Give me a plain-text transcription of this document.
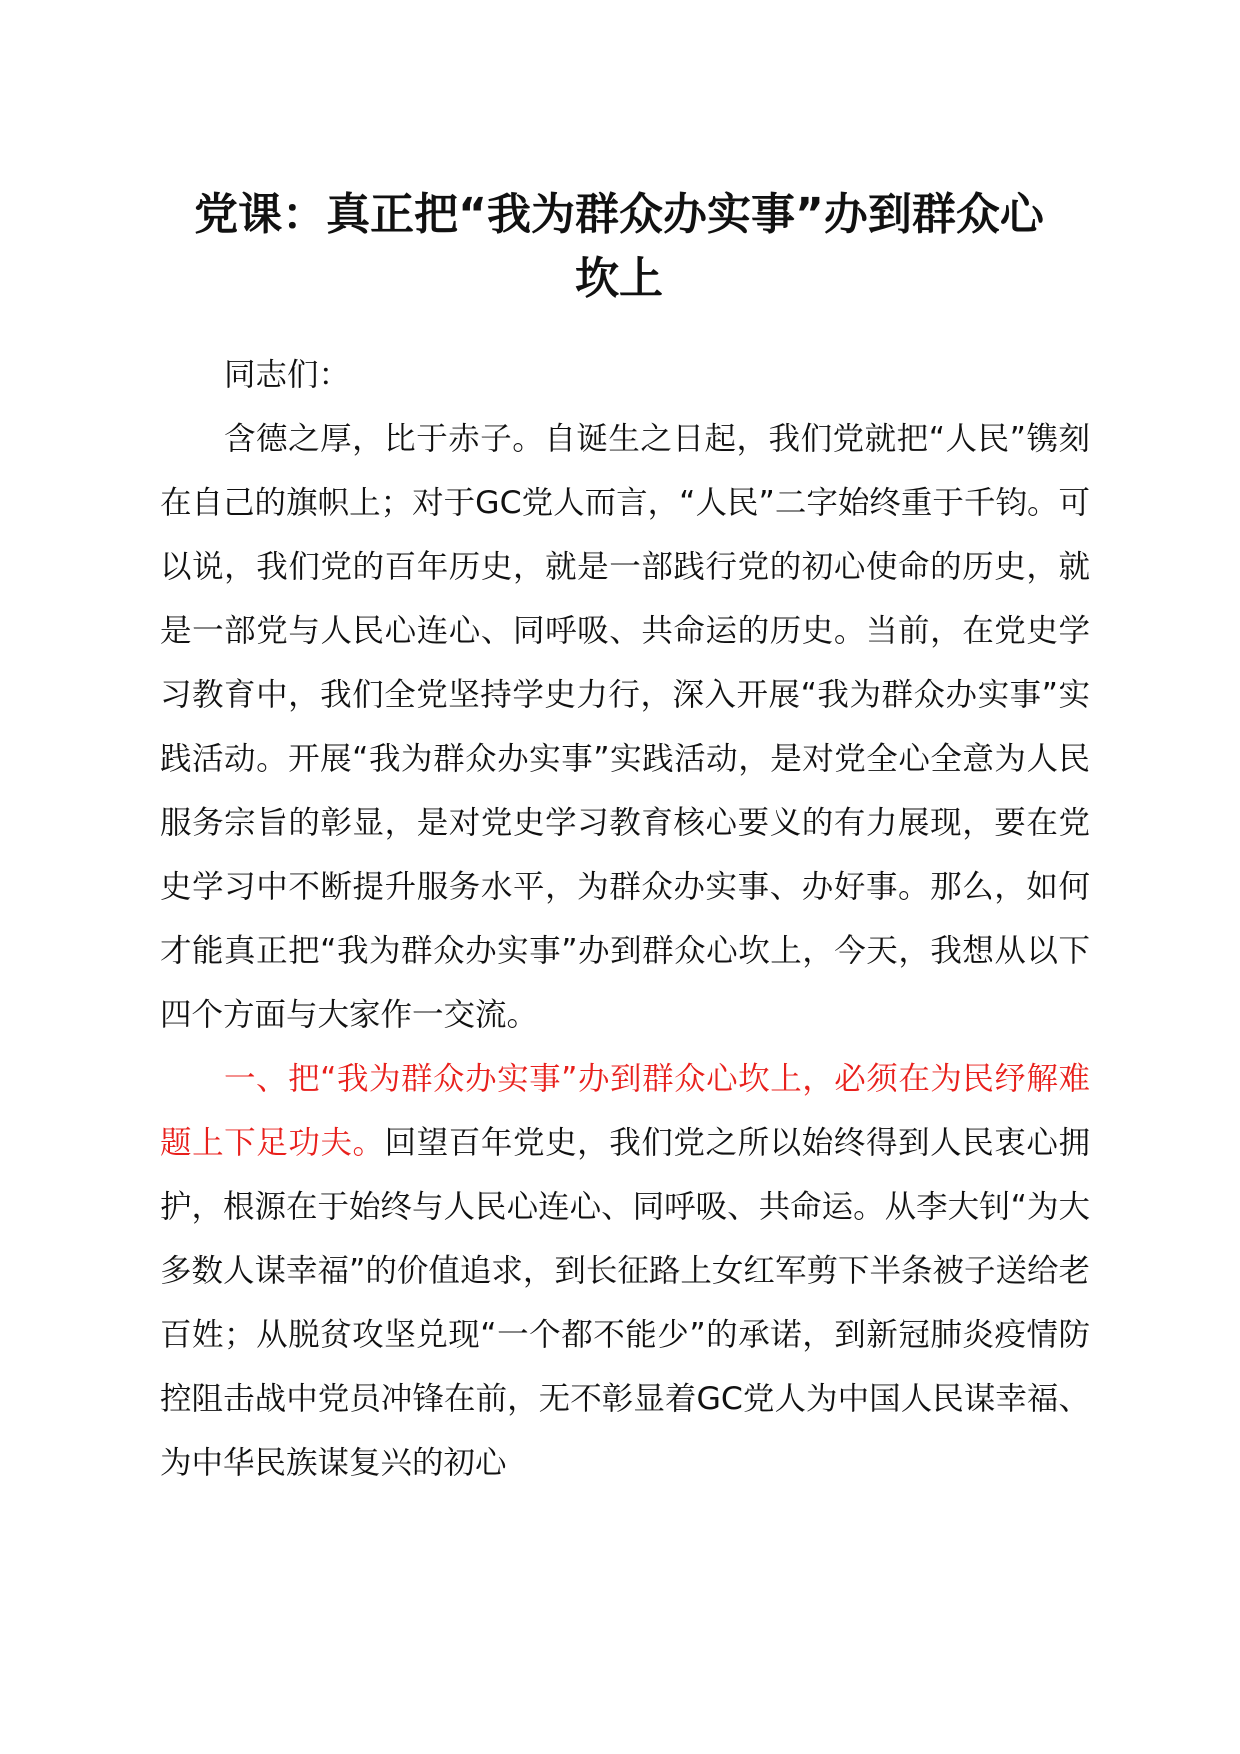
党课：真正把“我为群众办实事”办到群众心
坎上

同志们：

含德之厚，比于赤子。自诞生之日起，我们党就把“人民”镌刻在自己的旗帜上；对于GC党人而言，“人民”二字始终重于千钧。可以说，我们党的百年历史，就是一部践行党的初心使命的历史，就是一部党与人民心连心、同呼吸、共命运的历史。当前，在党史学习教育中，我们全党坚持学史力行，深入开展“我为群众办实事”实践活动。开展“我为群众办实事”实践活动，是对党全心全意为人民服务宗旨的彰显，是对党史学习教育核心要义的有力展现，要在党史学习中不断提升服务水平，为群众办实事、办好事。那么，如何才能真正把“我为群众办实事”办到群众心坎上，今天，我想从以下四个方面与大家作一交流。

一、把“我为群众办实事”办到群众心坎上，必须在为民纾解难题上下足功夫。回望百年党史，我们党之所以始终得到人民衷心拥护，根源在于始终与人民心连心、同呼吸、共命运。从李大钊“为大多数人谋幸福”的价值追求，到长征路上女红军剪下半条被子送给老百姓；从脱贫攻坚兑现“一个都不能少”的承诺，到新冠肺炎疫情防控阻击战中党员冲锋在前，无不彰显着GC党人为中国人民谋幸福、为中华民族谋复兴的初心
